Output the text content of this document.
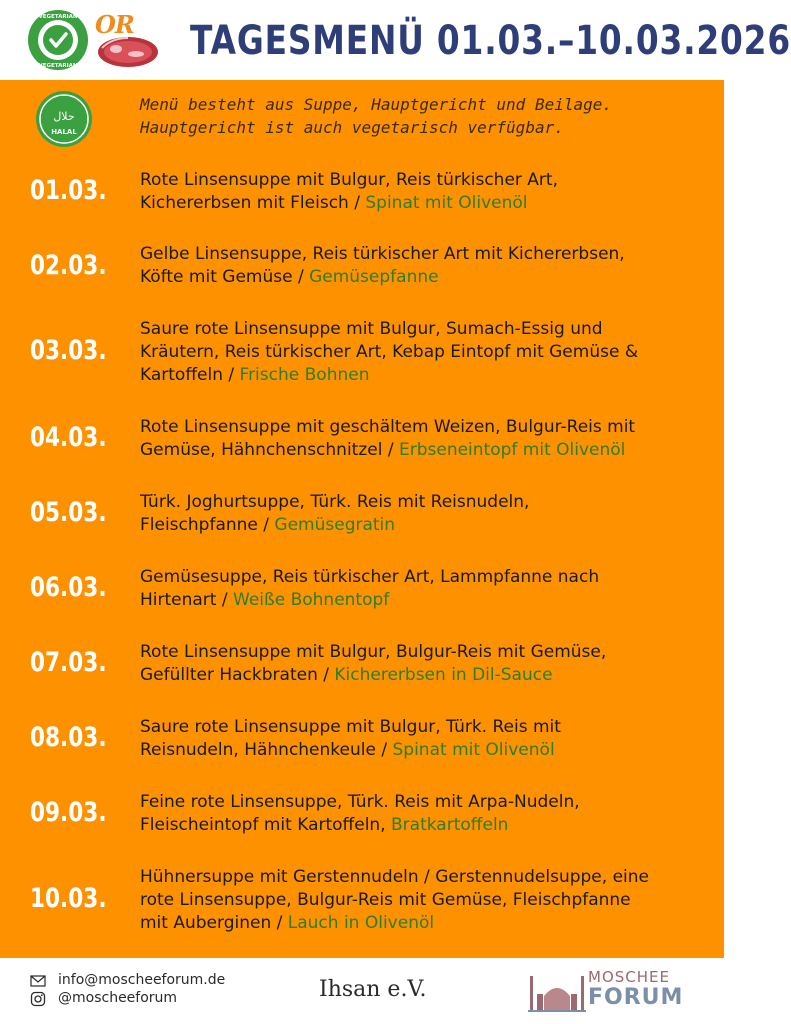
VEGETARIAN
VEGETARIAN
OR TAGESMENÜ 01.03.–10.03.2026
حلال
HALAL
Menü besteht aus Suppe, Hauptgericht und Beilage.
Hauptgericht ist auch vegetarisch verfügbar.
01.03. Rote Linsensuppe mit Bulgur, Reis türkischer Art,
Kichererbsen mit Fleisch / Spinat mit Olivenöl
02.03. Gelbe Linsensuppe, Reis türkischer Art mit Kichererbsen,
Köfte mit Gemüse / Gemüsepfanne
03.03.
Saure rote Linsensuppe mit Bulgur, Sumach-Essig und
Kräutern, Reis türkischer Art, Kebap Eintopf mit Gemüse &
Kartoffeln / Frische Bohnen
04.03. Rote Linsensuppe mit geschältem Weizen, Bulgur-Reis mit
Gemüse, Hähnchenschnitzel / Erbseneintopf mit Olivenöl
05.03. Türk. Joghurtsuppe, Türk. Reis mit Reisnudeln,
Fleischpfanne / Gemüsegratin
06.03. Gemüsesuppe, Reis türkischer Art, Lammpfanne nach
Hirtenart / Weiße Bohnentopf
07.03. Rote Linsensuppe mit Bulgur, Bulgur-Reis mit Gemüse,
Gefüllter Hackbraten / Kichererbsen in Dil-Sauce
08.03. Saure rote Linsensuppe mit Bulgur, Türk. Reis mit
Reisnudeln, Hähnchenkeule / Spinat mit Olivenöl
09.03. Feine rote Linsensuppe, Türk. Reis mit Arpa-Nudeln,
Fleischeintopf mit Kartoffeln, Bratkartoffeln
10.03.
Hühnersuppe mit Gerstennudeln / Gerstennudelsuppe, eine
rote Linsensuppe, Bulgur-Reis mit Gemüse, Fleischpfanne
mit Auberginen / Lauch in Olivenöl
info@moscheeforum.de
@moscheeforum	Ihsan e.V.	MOSCHEE
FORUM
